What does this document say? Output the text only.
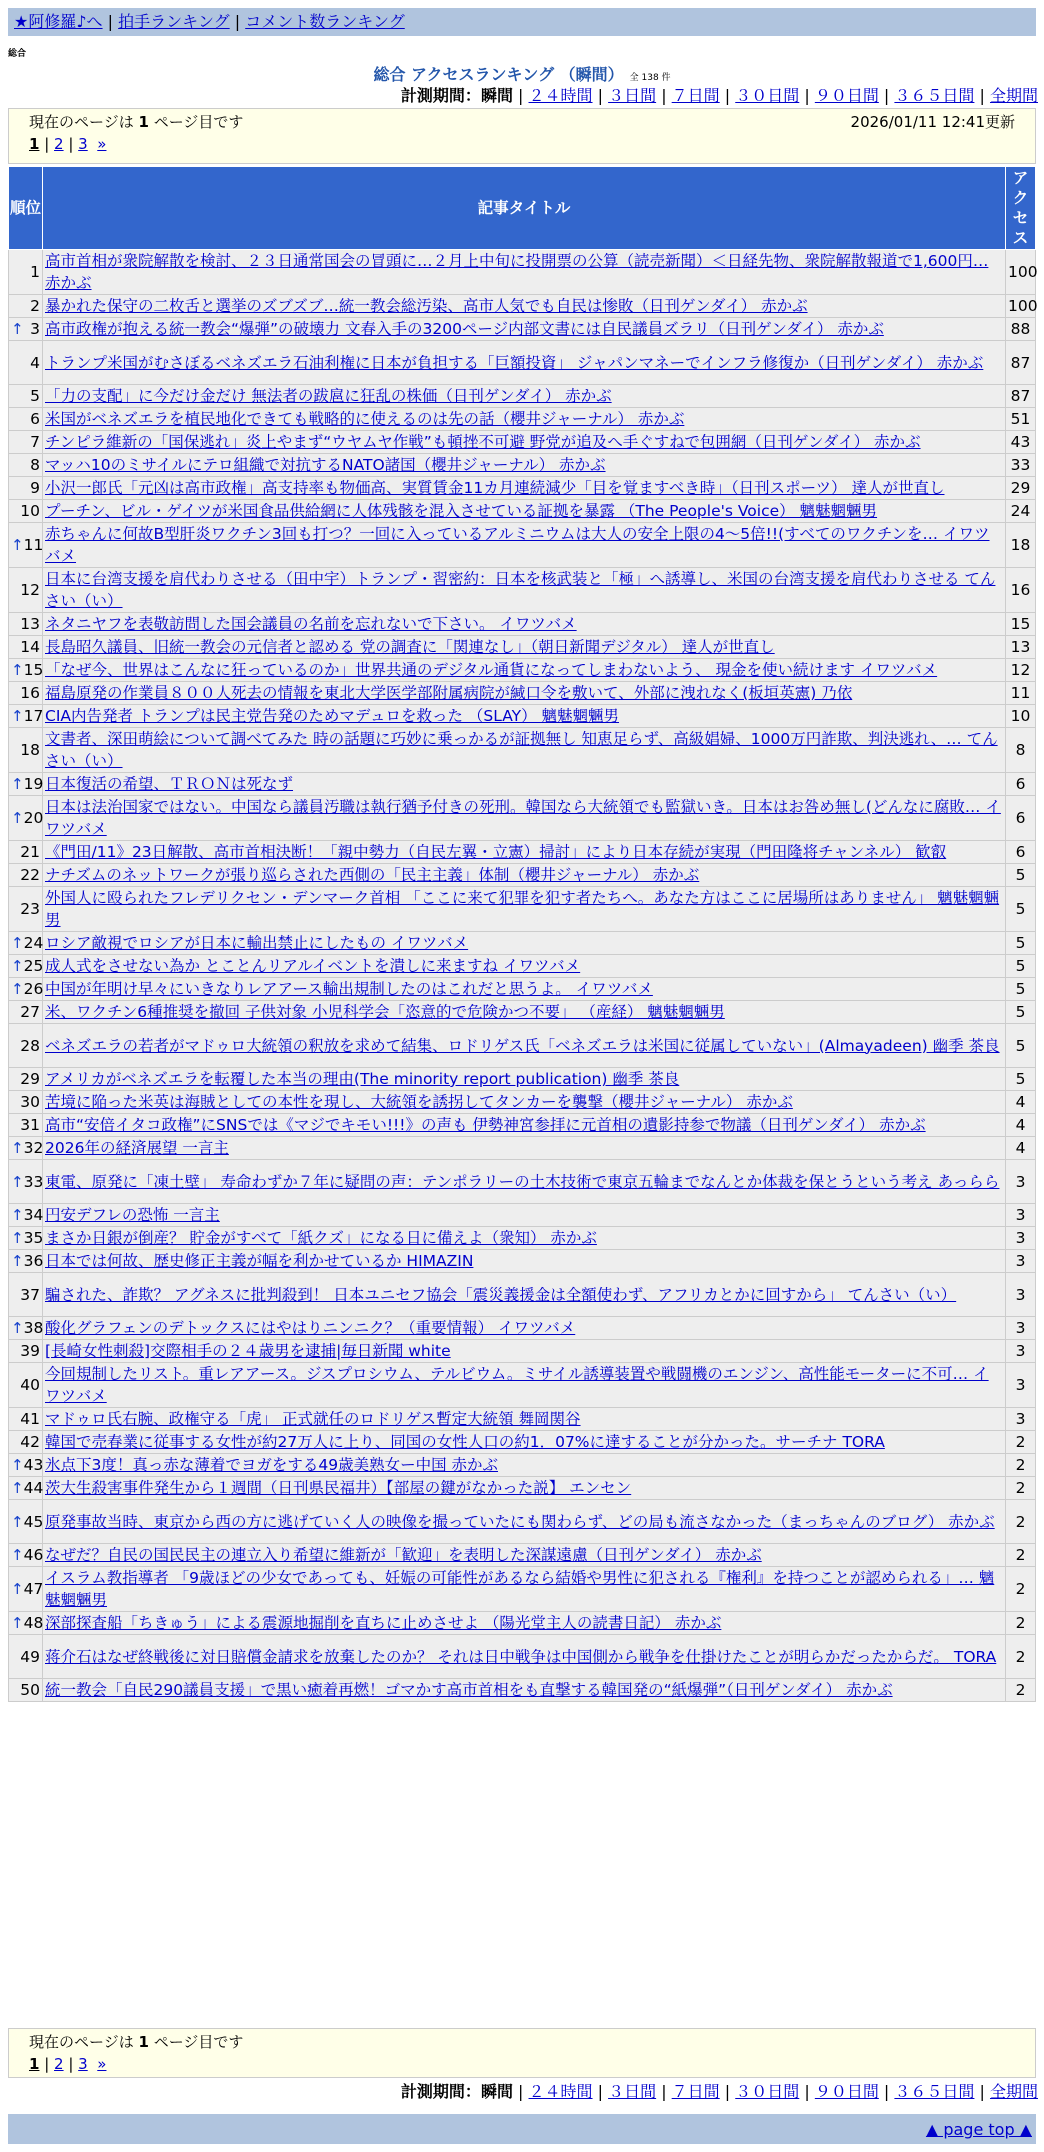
★阿修羅♪へ | 拍手ランキング | コメント数ランキング
総合
総合 アクセスランキング （瞬間） 全 138 件
計測期間：瞬間 | ２４時間 | ３日間 | ７日間 | ３０日間 | ９０日間 | ３６５日間 | 全期間
現在のページは 1 ページ目です	2026/01/11 12:41更新
1 | 2 | 3 »
順位	記事タイトル	アクセス
1	高市首相が衆院解散を検討、２３日通常国会の冒頭に…２月上中旬に投開票の公算（読売新聞）＜日経先物、衆院解散報道で1,600円… 赤かぶ	100
2	暴かれた保守の二枚舌と選挙のズブズブ…統一教会総汚染、高市人気でも自民は惨敗（日刊ゲンダイ） 赤かぶ	100

↑ 3	高市政権が抱える統一教会“爆弾”の破壊力 文春入手の3200ページ内部文書には自民議員ズラリ（日刊ゲンダイ） 赤かぶ	88
4	トランプ米国がむさぼるベネズエラ石油利権に日本が負担する「巨額投資」 ジャパンマネーでインフラ修復か（日刊ゲンダイ） 赤かぶ	87
5	「力の支配」に今だけ金だけ 無法者の跋扈に狂乱の株価（日刊ゲンダイ） 赤かぶ	87
6	米国がベネズエラを植民地化できても戦略的に使えるのは先の話（櫻井ジャーナル） 赤かぶ	51
7	チンピラ維新の「国保逃れ」炎上やまず“ウヤムヤ作戦”も頓挫不可避 野党が追及へ手ぐすねで包囲網（日刊ゲンダイ） 赤かぶ	43
8	マッハ10のミサイルにテロ組織で対抗するNATO諸国（櫻井ジャーナル） 赤かぶ	33
9	小沢一郎氏「元凶は高市政権」高支持率も物価高、実質賃金11カ月連続減少「目を覚ますべき時」（日刊スポーツ） 達人が世直し	29
10	プーチン、ビル・ゲイツが米国食品供給網に人体残骸を混入させている証拠を暴露 （The People's Voice） 魑魅魍魎男	24

↑ 11	赤ちゃんに何故B型肝炎ワクチン3回も打つ？一回に入っているアルミニウムは大人の安全上限の4〜5倍!!(すべてのワクチンを… イワツバメ	18
12	日本に台湾支援を肩代わりさせる（田中宇）トランプ・習密約：日本を核武装と「極」へ誘導し、米国の台湾支援を肩代わりさせる てんさい（い）	16
13	ネタニヤフを表敬訪問した国会議員の名前を忘れないで下さい。 イワツバメ	15
14	長島昭久議員、旧統一教会の元信者と認める 党の調査に「関連なし」（朝日新聞デジタル） 達人が世直し	13

↑ 15	「なぜ今、世界はこんなに狂っているのか」世界共通のデジタル通貨になってしまわないよう、 現金を使い続けます イワツバメ	12
16	福島原発の作業員８００人死去の情報を東北大学医学部附属病院が緘口令を敷いて、外部に洩れなく(板垣英憲) 乃依	11

↑ 17	CIA内告発者 トランプは民主党告発のためマデュロを救った （SLAY） 魑魅魍魎男	10
18	文書者、深田萌絵について調べてみた 時の話題に巧妙に乗っかるが証拠無し 知恵足らず、高級娼婦、1000万円詐欺、判決逃れ、… てんさい（い）	8

↑ 19	日本復活の希望、ＴＲＯＮは死なず	6

↑ 20	日本は法治国家ではない。中国なら議員汚職は執行猶予付きの死刑。韓国なら大統領でも監獄いき。日本はお咎め無し(どんなに腐敗… イワツバメ	6
21	《門田/11》23日解散、高市首相決断！「親中勢力（自民左翼・立憲）掃討」により日本存続が実現（門田隆将チャンネル） 歓叡	6
22	ナチズムのネットワークが張り巡らされた西側の「民主主義」体制（櫻井ジャーナル） 赤かぶ	5
23	外国人に殴られたフレデリクセン・デンマーク首相 「ここに来て犯罪を犯す者たちへ。あなた方はここに居場所はありません」 魑魅魍魎男	5

↑ 24	ロシア敵視でロシアが日本に輸出禁止にしたもの イワツバメ	5

↑ 25	成人式をさせない為か とことんリアルイベントを潰しに来ますね イワツバメ	5

↑ 26	中国が年明け早々にいきなりレアアース輸出規制したのはこれだと思うよ。 イワツバメ	5
27	米、ワクチン6種推奨を撤回 子供対象 小児科学会「恣意的で危険かつ不要」 （産経） 魑魅魍魎男	5
28	ベネズエラの若者がマドゥロ大統領の釈放を求めて結集、ロドリゲス氏「ベネズエラは米国に従属していない」(Almayadeen) 幽季 茶良	5
29	アメリカがベネズエラを転覆した本当の理由(The minority report publication) 幽季 茶良	5
30	苦境に陥った米英は海賊としての本性を現し、大統領を誘拐してタンカーを襲撃（櫻井ジャーナル） 赤かぶ	4
31	高市“安倍イタコ政権”にSNSでは《マジでキモい!!!》の声も 伊勢神宮参拝に元首相の遺影持参で物議（日刊ゲンダイ） 赤かぶ	4

↑ 32	2026年の経済展望 一言主	4

↑ 33	東電、原発に「凍土壁」 寿命わずか７年に疑問の声：テンポラリーの土木技術で東京五輪までなんとか体裁を保とうという考え あっらら	3

↑ 34	円安デフレの恐怖 一言主	3

↑ 35	まさか日銀が倒産？ 貯金がすべて「紙クズ」になる日に備えよ（衆知） 赤かぶ	3

↑ 36	日本では何故、歴史修正主義が幅を利かせているか HIMAZIN	3
37	騙された、詐欺？ アグネスに批判殺到！ 日本ユニセフ協会「震災義援金は全額使わず、アフリカとかに回すから」 てんさい（い）	3

↑ 38	酸化グラフェンのデトックスにはやはりニンニク？（重要情報） イワツバメ	3
39	[長崎女性刺殺]交際相手の２４歳男を逮捕|毎日新聞 white	3
40	今回規制したリスト。重レアアース。ジスプロシウム、テルビウム。ミサイル誘導装置や戦闘機のエンジン、高性能モーターに不可… イワツバメ	3
41	マドゥロ氏右腕、政権守る「虎」 正式就任のロドリゲス暫定大統領 舞岡関谷	3
42	韓国で売春業に従事する女性が約27万人に上り、同国の女性人口の約1．07%に達することが分かった。サーチナ TORA	2

↑ 43	氷点下3度！真っ赤な薄着でヨガをする49歳美熟女ー中国 赤かぶ	2

↑ 44	茨大生殺害事件発生から１週間（日刊県民福井）【部屋の鍵がなかった説】 エンセン	2

↑ 45	原発事故当時、東京から西の方に逃げていく人の映像を撮っていたにも関わらず、どの局も流さなかった（まっちゃんのブログ） 赤かぶ	2

↑ 46	なぜだ？自民の国民民主の連立入り希望に維新が「歓迎」を表明した深謀遠慮（日刊ゲンダイ） 赤かぶ	2

↑ 47	イスラム教指導者 「9歳ほどの少女であっても、妊娠の可能性があるなら結婚や男性に犯される『権利』を持つことが認められる」… 魑魅魍魎男	2

↑ 48	深部探査船「ちきゅう」による震源地掘削を直ちに止めさせよ （陽光堂主人の読書日記） 赤かぶ	2
49	蒋介石はなぜ終戦後に対日賠償金請求を放棄したのか？ それは日中戦争は中国側から戦争を仕掛けたことが明らかだったからだ。 TORA	2
50	統一教会「自民290議員支援」で黒い癒着再燃！ゴマかす高市首相をも直撃する韓国発の“紙爆弾”（日刊ゲンダイ） 赤かぶ	2
現在のページは 1 ページ目です
1 | 2 | 3 »
計測期間：瞬間 | ２４時間 | ３日間 | ７日間 | ３０日間 | ９０日間 | ３６５日間 | 全期間
▲ page top ▲
